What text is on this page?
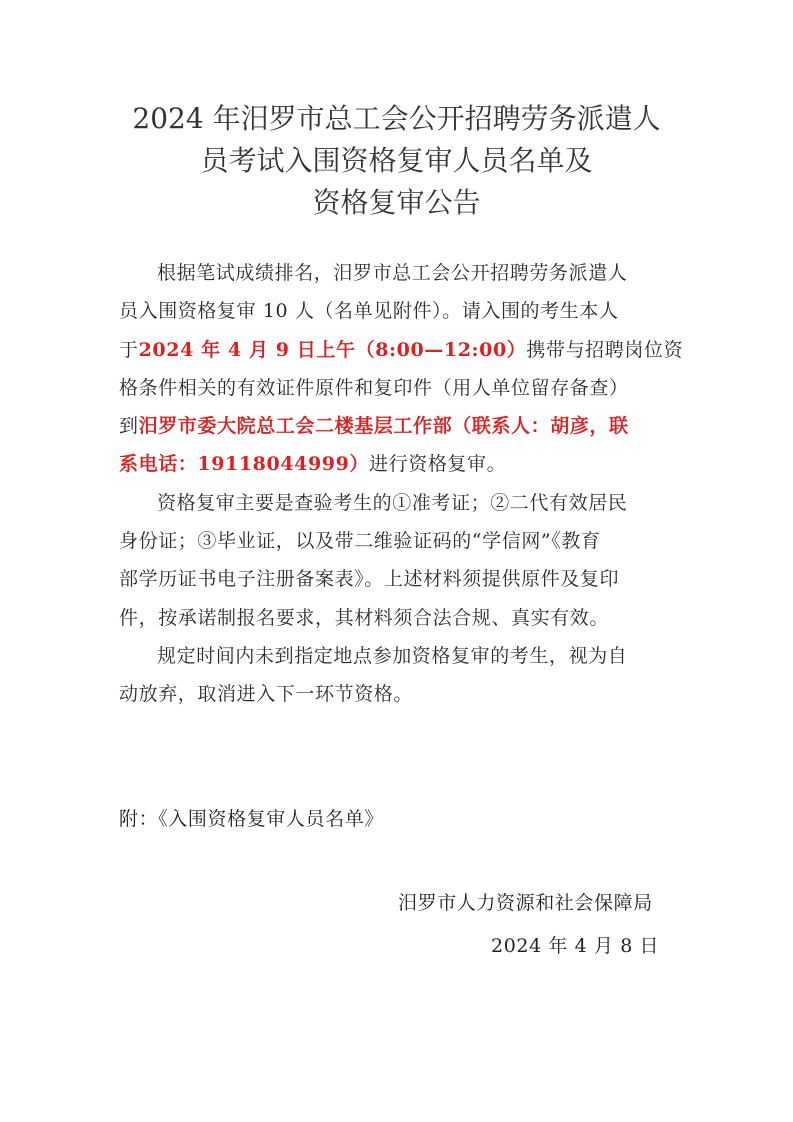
2024 年汨罗市总工会公开招聘劳务派遣人
员考试入围资格复审人员名单及
资格复审公告

根据笔试成绩排名，汨罗市总工会公开招聘劳务派遣人
员入围资格复审 10 人（名单见附件）。请入围的考生本人
于2024 年 4 月 9 日上午（8:00—12:00）携带与招聘岗位资
格条件相关的有效证件原件和复印件（用人单位留存备查）
到汨罗市委大院总工会二楼基层工作部（联系人：胡彦，联
系电话：19118044999）进行资格复审。

资格复审主要是查验考生的①准考证；②二代有效居民
身份证；③毕业证，以及带二维验证码的“学信网”《教育
部学历证书电子注册备案表》。上述材料须提供原件及复印
件，按承诺制报名要求，其材料须合法合规、真实有效。

规定时间内未到指定地点参加资格复审的考生，视为自
动放弃，取消进入下一环节资格。

附：《入围资格复审人员名单》
汨罗市人力资源和社会保障局
2024 年 4 月 8 日
